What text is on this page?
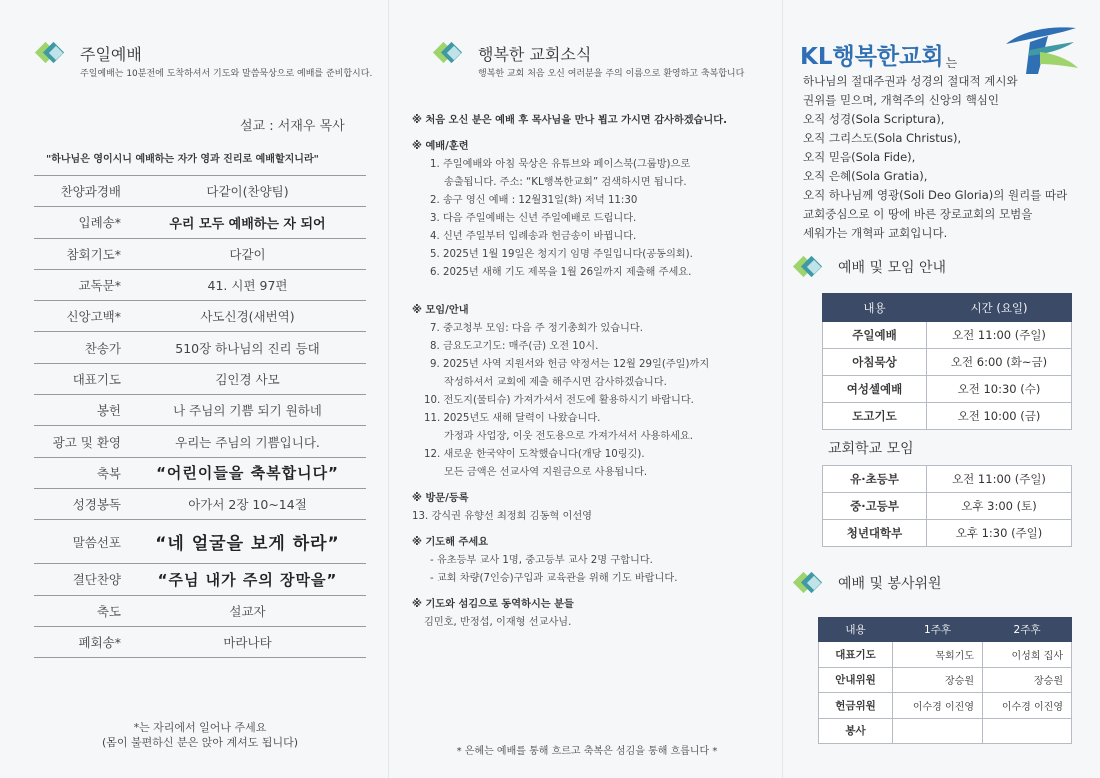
주일예배
주일예배는 10분전에 도착하셔서 기도와 말씀묵상으로 예배를 준비합시다.
설교 : 서재우 목사
"하나님은 영이시니 예배하는 자가 영과 진리로 예배할지니라"
찬양과경배	다같이(찬양팀)
입례송*	우리 모두 예배하는 자 되어
참회기도*	다같이
교독문*	41. 시편 97편
신앙고백*	사도신경(새번역)
찬송가	510장 하나님의 진리 등대
대표기도	김인경 사모
봉헌	나 주님의 기쁨 되기 원하네
광고 및 환영	우리는 주님의 기쁨입니다.
축복	“어린이들을 축복합니다”
성경봉독	아가서 2장 10~14절
말씀선포	“네 얼굴을 보게 하라”
결단찬양	“주님 내가 주의 장막을”
축도	설교자
폐회송*	마라나타
*는 자리에서 일어나 주세요
(몸이 불편하신 분은 앉아 계셔도 됩니다)
행복한 교회소식
행복한 교회 처음 오신 여러분을 주의 이름으로 환영하고 축복합니다
※ 처음 오신 분은 예배 후 목사님을 만나 뵙고 가시면 감사하겠습니다.
※ 예배/훈련
1. 주일예배와 아침 묵상은 유튜브와 페이스북(그룹방)으로
송출됩니다. 주소: “KL행복한교회” 검색하시면 됩니다.
2. 송구 영신 예배 : 12월31일(화) 저녁 11:30
3. 다음 주일예배는 신년 주일예배로 드립니다.
4. 신년 주일부터 입례송과 헌금송이 바뀝니다.
5. 2025년 1월 19일은 청지기 임명 주일입니다(공동의회).
6. 2025년 새해 기도 제목을 1월 26일까지 제출해 주세요.
※ 모임/안내
7. 중고청부 모임: 다음 주 정기총회가 있습니다.
8. 금요도고기도: 매주(금) 오전 10시.
9. 2025년 사역 지원서와 헌금 약정서는 12월 29일(주일)까지
작성하셔서 교회에 제출 해주시면 감사하겠습니다.
10. 전도지(물티슈) 가져가셔서 전도에 활용하시기 바랍니다.
11. 2025년도 새해 달력이 나왔습니다.
가정과 사업장, 이웃 전도용으로 가져가셔서 사용하세요.
12. 새로운 한국약이 도착했습니다(개당 10링깃).
모든 금액은 선교사역 지원금으로 사용됩니다.
※ 방문/등록
13. 강식권 유향선 최정희 김동혁 이선영
※ 기도해 주세요
- 유초등부 교사 1명, 중고등부 교사 2명 구합니다.
- 교회 차량(7인승)구입과 교육관을 위해 기도 바랍니다.
※ 기도와 섬김으로 동역하시는 분들
김민호, 반정섭, 이재형 선교사님.
* 은혜는 예배를 통해 흐르고 축복은 섬김을 통해 흐릅니다 *
KL행복한교회 는
하나님의 절대주권과 성경의 절대적 계시와
권위를 믿으며, 개혁주의 신앙의 핵심인
오직 성경(Sola Scriptura),
오직 그리스도(Sola Christus),
오직 믿음(Sola Fide),
오직 은혜(Sola Gratia),
오직 하나님께 영광(Soli Deo Gloria)의 원리를 따라
교회중심으로 이 땅에 바른 장로교회의 모범을
세워가는 개혁파 교회입니다.
예배 및 모임 안내
내용	시간 (요일)
주일예배	오전 11:00 (주일)
아침묵상	오전 6:00 (화~금)
여성셀예배	오전 10:30 (수)
도고기도	오전 10:00 (금)
교회학교 모임
유·초등부	오전 11:00 (주일)
중·고등부	오후 3:00 (토)
청년대학부	오후 1:30 (주일)
예배 및 봉사위원
내용	1주후	2주후
대표기도	목회기도	이성희 집사
안내위원	장승원	장승원
헌금위원	이수경 이진영	이수경 이진영
봉사		
